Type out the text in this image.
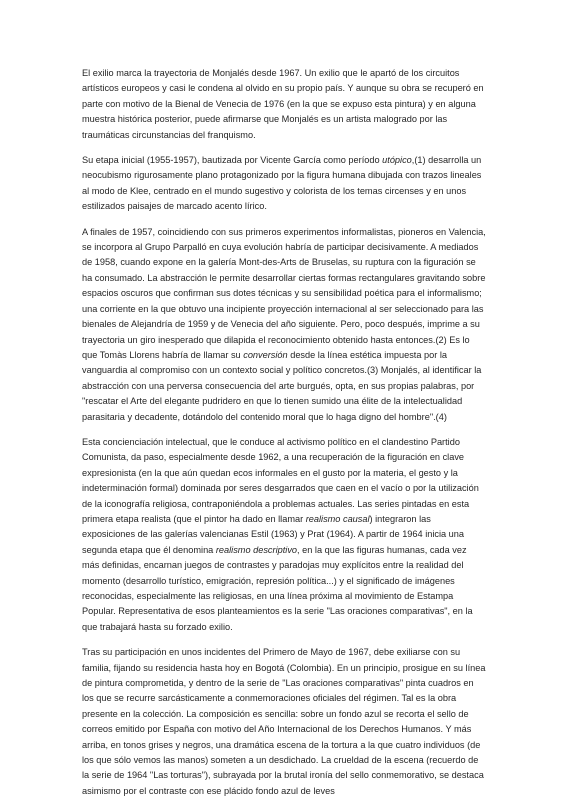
El exilio marca la trayectoria de Monjalés desde 1967. Un exilio que le apartó de los circuitos artísticos europeos y casi le condena al olvido en su propio país. Y aunque su obra se recuperó en parte con motivo de la Bienal de Venecia de 1976 (en la que se expuso esta pintura) y en alguna muestra histórica posterior, puede afirmarse que Monjalés es un artista malogrado por las traumáticas circunstancias del franquismo.

Su etapa inicial (1955-1957), bautizada por Vicente García como período utópico,(1) desarrolla un neocubismo rigurosamente plano protagonizado por la figura humana dibujada con trazos lineales al modo de Klee, centrado en el mundo sugestivo y colorista de los temas circenses y en unos estilizados paisajes de marcado acento lírico.

A finales de 1957, coincidiendo con sus primeros experimentos informalistas, pioneros en Valencia, se incorpora al Grupo Parpalló en cuya evolución habría de participar decisivamente. A mediados de 1958, cuando expone en la galería Mont-des-Arts de Bruselas, su ruptura con la figuración se ha consumado. La abstracción le permite desarrollar ciertas formas rectangulares gravitando sobre espacios oscuros que confirman sus dotes técnicas y su sensibilidad poética para el informalismo; una corriente en la que obtuvo una incipiente proyección internacional al ser seleccionado para las bienales de Alejandría de 1959 y de Venecia del año siguiente. Pero, poco después, imprime a su trayectoria un giro inesperado que dilapida el reconocimiento obtenido hasta entonces.(2) Es lo que Tomàs Llorens habría de llamar su conversión desde la línea estética impuesta por la vanguardia al compromiso con un contexto social y político concretos.(3) Monjalés, al identificar la abstracción con una perversa consecuencia del arte burgués, opta, en sus propias palabras, por "rescatar el Arte del elegante pudridero en que lo tienen sumido una élite de la intelectualidad parasitaria y decadente, dotándolo del contenido moral que lo haga digno del hombre".(4)

Esta concienciación intelectual, que le conduce al activismo político en el clandestino Partido Comunista, da paso, especialmente desde 1962, a una recuperación de la figuración en clave expresionista (en la que aún quedan ecos informales en el gusto por la materia, el gesto y la indeterminación formal) dominada por seres desgarrados que caen en el vacío o por la utilización de la iconografía religiosa, contraponiéndola a problemas actuales. Las series pintadas en esta primera etapa realista (que el pintor ha dado en llamar realismo causal) integraron las exposiciones de las galerías valencianas Estil (1963) y Prat (1964). A partir de 1964 inicia una segunda etapa que él denomina realismo descriptivo, en la que las figuras humanas, cada vez más definidas, encarnan juegos de contrastes y paradojas muy explícitos entre la realidad del momento (desarrollo turístico, emigración, represión política...) y el significado de imágenes reconocidas, especialmente las religiosas, en una línea próxima al movimiento de Estampa Popular. Representativa de esos planteamientos es la serie "Las oraciones comparativas", en la que trabajará hasta su forzado exilio.

Tras su participación en unos incidentes del Primero de Mayo de 1967, debe exiliarse con su familia, fijando su residencia hasta hoy en Bogotá (Colombia). En un principio, prosigue en su línea de pintura comprometida, y dentro de la serie de "Las oraciones comparativas" pinta cuadros en los que se recurre sarcásticamente a conmemoraciones oficiales del régimen. Tal es la obra presente en la colección. La composición es sencilla: sobre un fondo azul se recorta el sello de correos emitido por España con motivo del Año Internacional de los Derechos Humanos. Y más arriba, en tonos grises y negros, una dramática escena de la tortura a la que cuatro individuos (de los que sólo vemos las manos) someten a un desdichado. La crueldad de la escena (recuerdo de la serie de 1964 "Las torturas"), subrayada por la brutal ironía del sello conmemorativo, se destaca asimismo por el contraste con ese plácido fondo azul de leves
